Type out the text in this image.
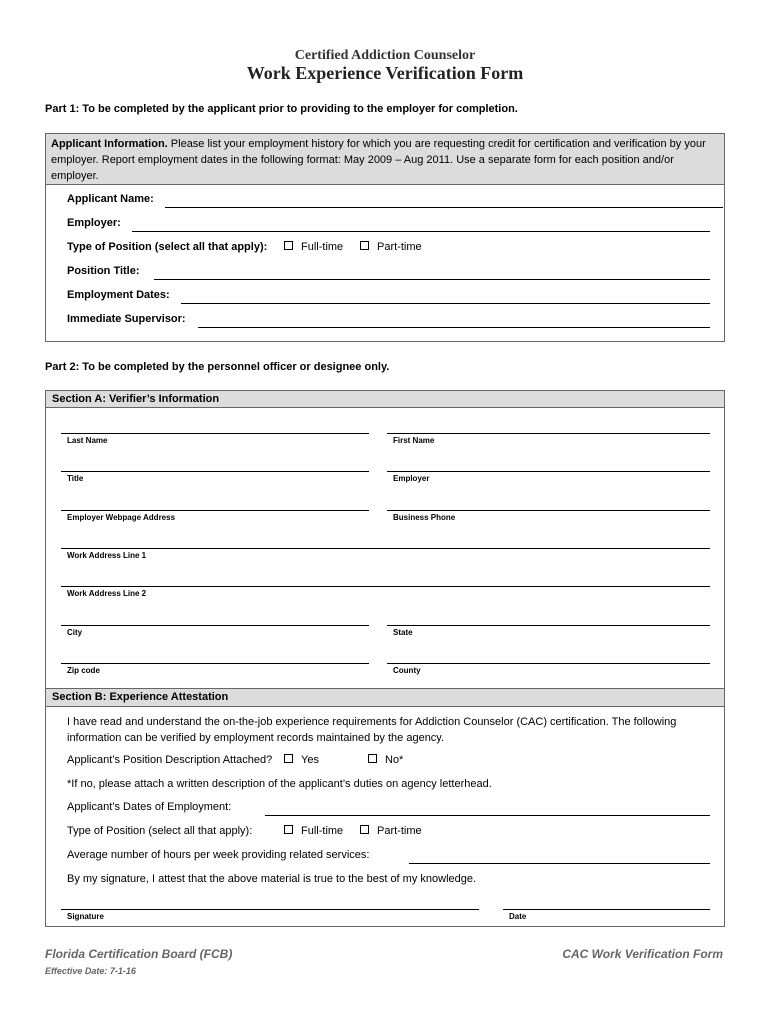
Certified Addiction Counselor
Work Experience Verification Form
Part 1: To be completed by the applicant prior to providing to the employer for completion.
Applicant Information. Please list your employment history for which you are requesting credit for certification and verification by your employer. Report employment dates in the following format: May 2009 – Aug 2011. Use a separate form for each position and/or employer.
Applicant Name:
Employer:
Type of Position (select all that apply):	Full-time	Part-time
Position Title:
Employment Dates:
Immediate Supervisor:
Part 2: To be completed by the personnel officer or designee only.
Section A: Verifier’s Information
Last Name	First Name
Title	Employer
Employer Webpage Address	Business Phone
Work Address Line 1
Work Address Line 2
City	State
Zip code	County
Section B: Experience Attestation
I have read and understand the on-the-job experience requirements for Addiction Counselor (CAC) certification. The following information can be verified by employment records maintained by the agency.
Applicant’s Position Description Attached?	Yes	No*
*If no, please attach a written description of the applicant’s duties on agency letterhead.
Applicant’s Dates of Employment:
Type of Position (select all that apply):	Full-time	Part-time
Average number of hours per week providing related services:
By my signature, I attest that the above material is true to the best of my knowledge.
Signature	Date
Florida Certification Board (FCB)
Effective Date: 7-1-16
CAC Work Verification Form
